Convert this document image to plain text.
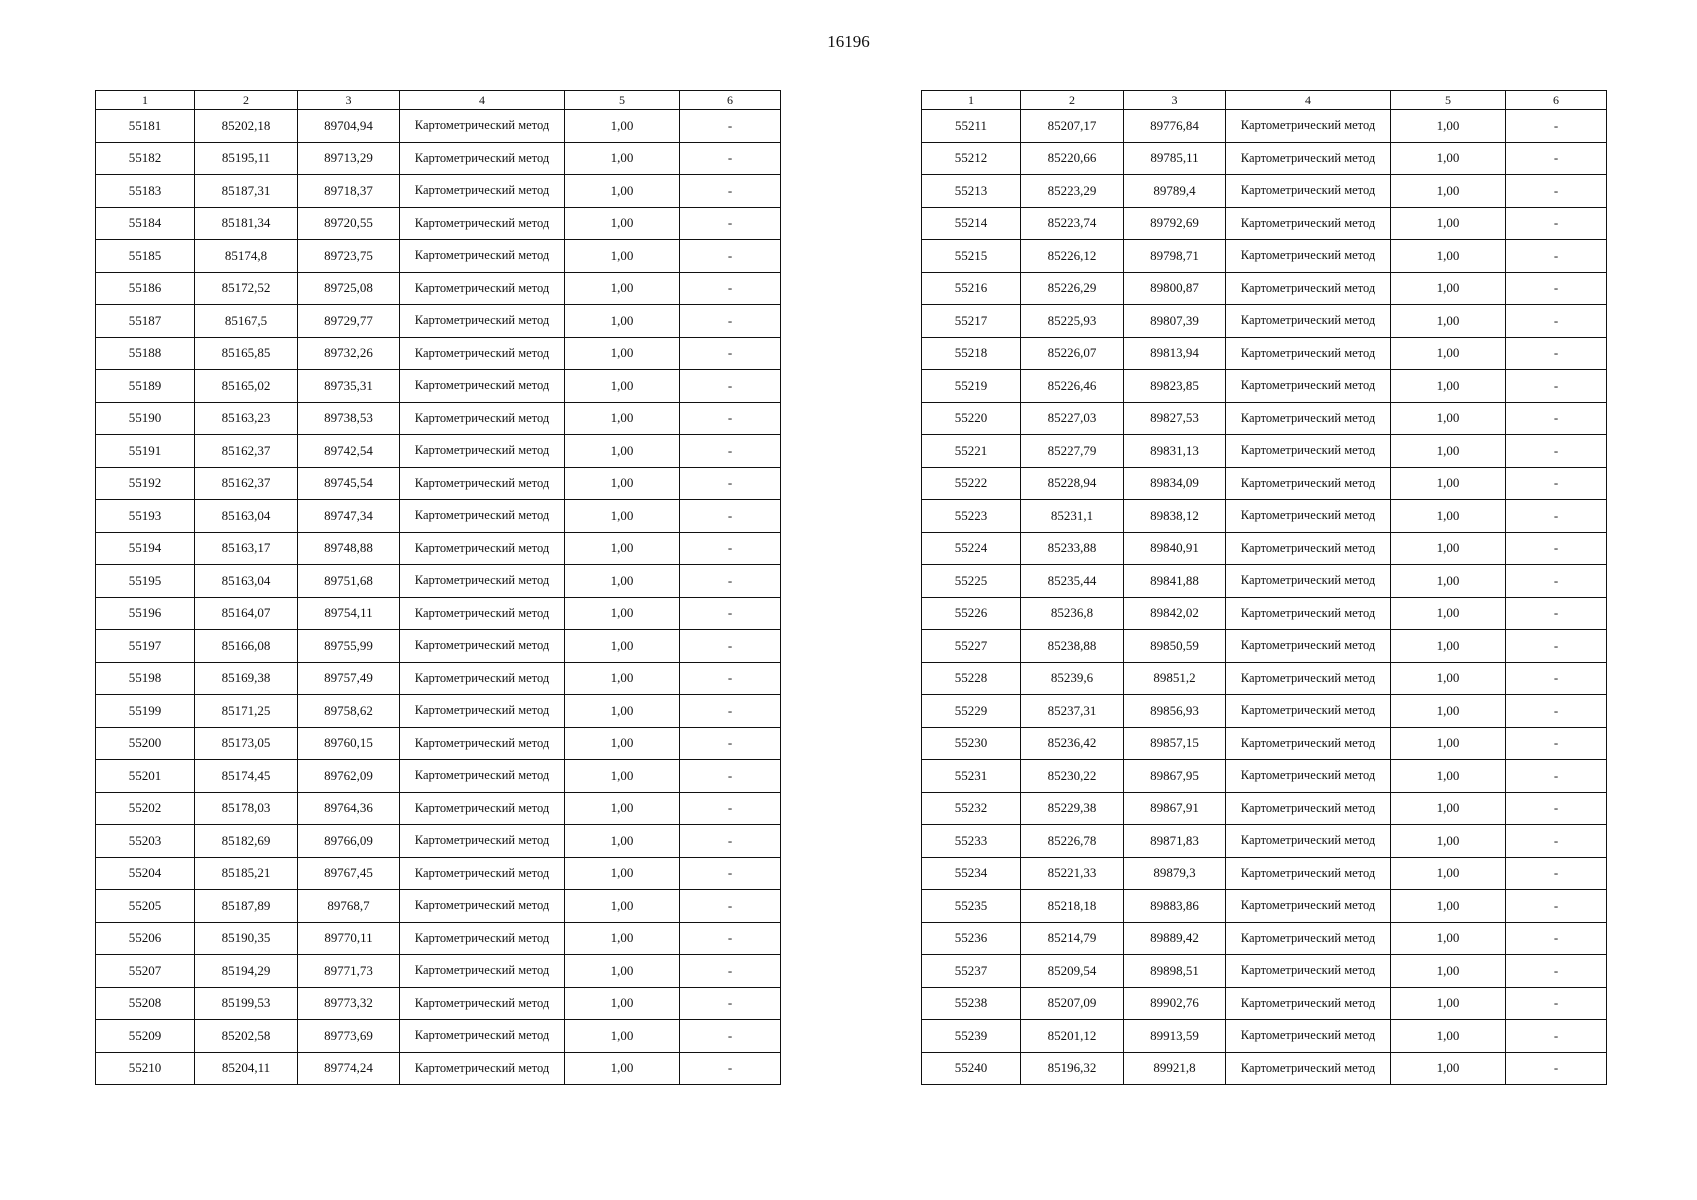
16196
1	2	3	4	5	6
55181	85202,18	89704,94	Картометрический метод	1,00	-
55182	85195,11	89713,29	Картометрический метод	1,00	-
55183	85187,31	89718,37	Картометрический метод	1,00	-
55184	85181,34	89720,55	Картометрический метод	1,00	-
55185	85174,8	89723,75	Картометрический метод	1,00	-
55186	85172,52	89725,08	Картометрический метод	1,00	-
55187	85167,5	89729,77	Картометрический метод	1,00	-
55188	85165,85	89732,26	Картометрический метод	1,00	-
55189	85165,02	89735,31	Картометрический метод	1,00	-
55190	85163,23	89738,53	Картометрический метод	1,00	-
55191	85162,37	89742,54	Картометрический метод	1,00	-
55192	85162,37	89745,54	Картометрический метод	1,00	-
55193	85163,04	89747,34	Картометрический метод	1,00	-
55194	85163,17	89748,88	Картометрический метод	1,00	-
55195	85163,04	89751,68	Картометрический метод	1,00	-
55196	85164,07	89754,11	Картометрический метод	1,00	-
55197	85166,08	89755,99	Картометрический метод	1,00	-
55198	85169,38	89757,49	Картометрический метод	1,00	-
55199	85171,25	89758,62	Картометрический метод	1,00	-
55200	85173,05	89760,15	Картометрический метод	1,00	-
55201	85174,45	89762,09	Картометрический метод	1,00	-
55202	85178,03	89764,36	Картометрический метод	1,00	-
55203	85182,69	89766,09	Картометрический метод	1,00	-
55204	85185,21	89767,45	Картометрический метод	1,00	-
55205	85187,89	89768,7	Картометрический метод	1,00	-
55206	85190,35	89770,11	Картометрический метод	1,00	-
55207	85194,29	89771,73	Картометрический метод	1,00	-
55208	85199,53	89773,32	Картометрический метод	1,00	-
55209	85202,58	89773,69	Картометрический метод	1,00	-
55210	85204,11	89774,24	Картометрический метод	1,00	-
1	2	3	4	5	6
55211	85207,17	89776,84	Картометрический метод	1,00	-
55212	85220,66	89785,11	Картометрический метод	1,00	-
55213	85223,29	89789,4	Картометрический метод	1,00	-
55214	85223,74	89792,69	Картометрический метод	1,00	-
55215	85226,12	89798,71	Картометрический метод	1,00	-
55216	85226,29	89800,87	Картометрический метод	1,00	-
55217	85225,93	89807,39	Картометрический метод	1,00	-
55218	85226,07	89813,94	Картометрический метод	1,00	-
55219	85226,46	89823,85	Картометрический метод	1,00	-
55220	85227,03	89827,53	Картометрический метод	1,00	-
55221	85227,79	89831,13	Картометрический метод	1,00	-
55222	85228,94	89834,09	Картометрический метод	1,00	-
55223	85231,1	89838,12	Картометрический метод	1,00	-
55224	85233,88	89840,91	Картометрический метод	1,00	-
55225	85235,44	89841,88	Картометрический метод	1,00	-
55226	85236,8	89842,02	Картометрический метод	1,00	-
55227	85238,88	89850,59	Картометрический метод	1,00	-
55228	85239,6	89851,2	Картометрический метод	1,00	-
55229	85237,31	89856,93	Картометрический метод	1,00	-
55230	85236,42	89857,15	Картометрический метод	1,00	-
55231	85230,22	89867,95	Картометрический метод	1,00	-
55232	85229,38	89867,91	Картометрический метод	1,00	-
55233	85226,78	89871,83	Картометрический метод	1,00	-
55234	85221,33	89879,3	Картометрический метод	1,00	-
55235	85218,18	89883,86	Картометрический метод	1,00	-
55236	85214,79	89889,42	Картометрический метод	1,00	-
55237	85209,54	89898,51	Картометрический метод	1,00	-
55238	85207,09	89902,76	Картометрический метод	1,00	-
55239	85201,12	89913,59	Картометрический метод	1,00	-
55240	85196,32	89921,8	Картометрический метод	1,00	-
